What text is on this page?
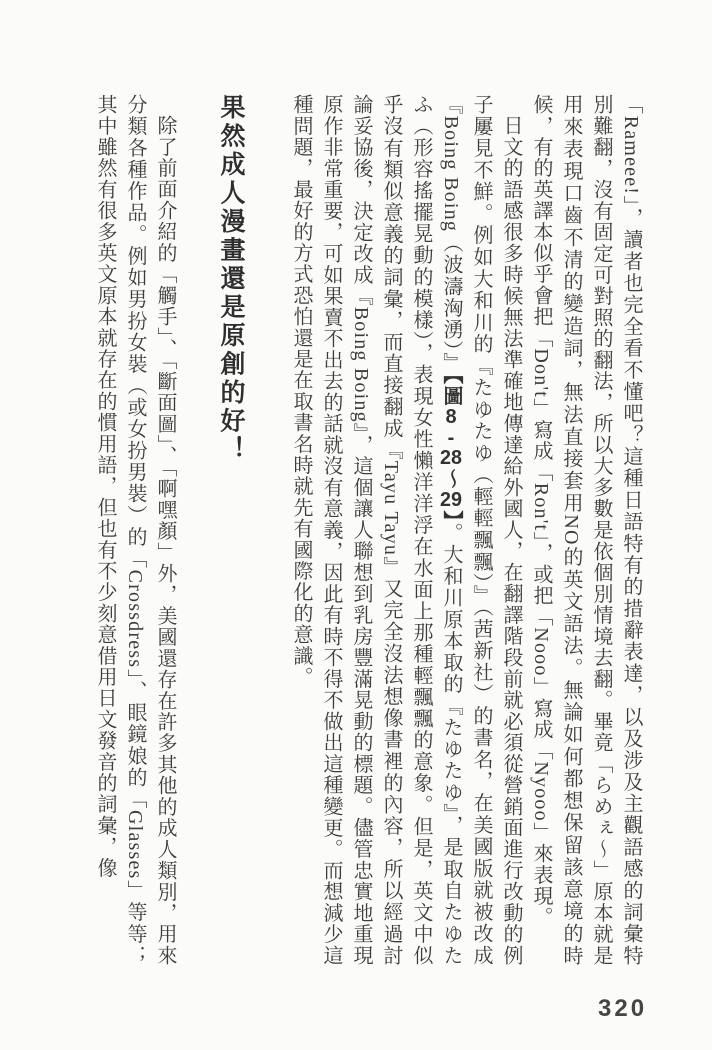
「Rameee!」，讀者也完全看不懂吧？這種日語特有的措辭表達，以及涉及主觀語感的詞彙特別難翻，沒有固定可對照的翻法，所以大多數是依個別情境去翻。畢竟「らめぇ～」原本就是用來表現口齒不清的變造詞，無法直接套用NO的英文語法。無論如何都想保留該意境的時候，有的英譯本似乎會把「Don't」寫成「Ron't」，或把「Nooo」寫成「Nyooo」來表現。

日文的語感很多時候無法準確地傳達給外國人，在翻譯階段前就必須從營銷面進行改動的例子屢見不鮮。例如大和川的『たゆたゆ（輕輕飄飄）』（茜新社）的書名，在美國版就被改成『Boing Boing（波濤洶湧）』【圖8-28～29】。大和川原本取的『たゆたゆ』，是取自たゆたふ（形容搖擺晃動的模樣），表現女性懶洋洋浮在水面上那種輕飄飄的意象。但是，英文中似乎沒有類似意義的詞彙，而直接翻成『Tayu Tayu』又完全沒法想像書裡的內容，所以經過討論妥協後，決定改成『Boing Boing』，這個讓人聯想到乳房豐滿晃動的標題。儘管忠實地重現原作非常重要，可如果賣不出去的話就沒有意義，因此有時不得不做出這種變更。而想減少這種問題，最好的方式恐怕還是在取書名時就先有國際化的意識。

果然成人漫畫還是原創的好！

除了前面介紹的「觸手」、「斷面圖」、「啊嘿顏」外，美國還存在許多其他的成人類別，用來分類各種作品。例如男扮女裝（或女扮男裝）的「Crossdress」、眼鏡娘的「Glasses」等等；其中雖然有很多英文原本就存在的慣用語，但也有不少刻意借用日文發音的詞彙，像

320
